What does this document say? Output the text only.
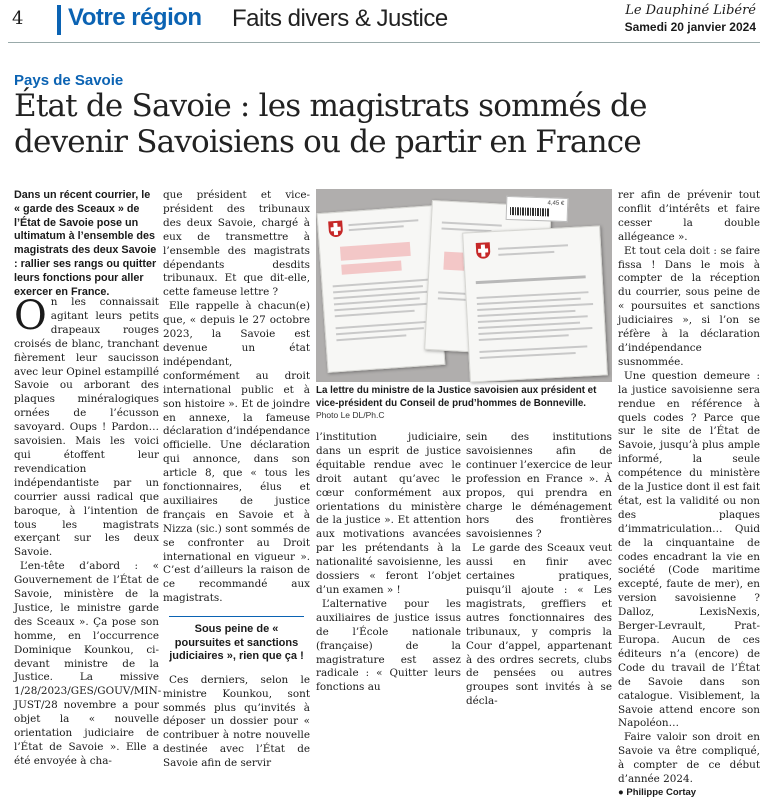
4 Votre région Faits divers & Justice	Le Dauphiné Libéré
Samedi 20 janvier 2024
Pays de Savoie
État de Savoie : les magistrats sommés de devenir Savoisiens ou de partir en France
Dans un récent courrier, le « garde des Sceaux » de l’État de Savoie pose un ultimatum à l’ensemble des magistrats des deux Savoie : rallier ses rangs ou quitter leurs fonctions pour aller exercer en France.
O n les connaissait agitant leurs petits drapeaux rouges croisés de blanc, tranchant fièrement leur saucisson avec leur Opinel estampillé Savoie ou arborant des plaques minéralogiques ornées de l’écusson savoyard. Oups ! Pardon… savoisien. Mais les voici qui étoffent leur revendication indépendantiste par un courrier aussi radical que baroque, à l’intention de tous les magistrats exerçant sur les deux Savoie.

L’en-tête d’abord : « Gouvernement de l’État de Savoie, ministère de la Justice, le ministre garde des Sceaux ». Ça pose son homme, en l’occurrence Dominique Kounkou, ci-devant ministre de la Justice. La missive 1/28/2023/GES/GOUV/MIN-JUST/28 novembre a pour objet la « nouvelle orientation judiciaire de l’État de Savoie ». Elle a été envoyée à cha-

que président et vice-président des tribunaux des deux Savoie, chargé à eux de transmettre à l’ensemble des magistrats dépendants desdits tribunaux. Et que dit-elle, cette fameuse lettre ?

Elle rappelle à chacun(e) que, « depuis le 27 octobre 2023, la Savoie est devenue un état indépendant, conformément au droit international public et à son histoire ». Et de joindre en annexe, la fameuse déclaration d’indépendance officielle. Une déclaration qui annonce, dans son article 8, que « tous les fonctionnaires, élus et auxiliaires de justice français en Savoie et à Nizza (sic.) sont sommés de se confronter au Droit international en vigueur ». C’est d’ailleurs la raison de ce recommandé aux magistrats.

Sous peine de « poursuites et sanctions judiciaires », rien que ça !

Ces derniers, selon le ministre Kounkou, sont sommés plus qu’invités à déposer un dossier pour « contribuer à notre nouvelle destinée avec l’État de Savoie afin de servir

4,45 €
La lettre du ministre de la Justice savoisien aux président et vice-président du Conseil de prud’hommes de Bonneville.
Photo Le DL/Ph.C

l’institution judiciaire, dans un esprit de justice équitable rendue avec le droit autant qu’avec le cœur conformément aux orientations du ministère de la justice ». Et attention aux motivations avancées par les prétendants à la nationalité savoisienne, les dossiers « feront l’objet d’un examen » !

L’alternative pour les auxiliaires de justice issus de l’École nationale (française) de la magistrature est assez radicale : « Quitter leurs fonctions au

sein des institutions savoisiennes afin de continuer l’exercice de leur profession en France ». À propos, qui prendra en charge le déménagement hors des frontières savoisiennes ?

Le garde des Sceaux veut aussi en finir avec certaines pratiques, puisqu’il ajoute : « Les magistrats, greffiers et autres fonctionnaires des tribunaux, y compris la Cour d’appel, appartenant à des ordres secrets, clubs de pensées ou autres groupes sont invités à se décla-

rer afin de prévenir tout conflit d’intérêts et faire cesser la double allégeance ».

Et tout cela doit : se faire fissa ! Dans le mois à compter de la réception du courrier, sous peine de « poursuites et sanctions judiciaires », si l’on se réfère à la déclaration d’indépendance susnommée.

Une question demeure : la justice savoisienne sera rendue en référence à quels codes ? Parce que sur le site de l’État de Savoie, jusqu’à plus ample informé, la seule compétence du ministère de la Justice dont il est fait état, est la validité ou non des plaques d’immatriculation… Quid de la cinquantaine de codes encadrant la vie en société (Code maritime excepté, faute de mer), en version savoisienne ? Dalloz, LexisNexis, Berger-Levrault, Prat-Europa. Aucun de ces éditeurs n’a (encore) de Code du travail de l’État de Savoie dans son catalogue. Visiblement, la Savoie attend encore son Napoléon…

Faire valoir son droit en Savoie va être compliqué, à compter de ce début d’année 2024.

● Philippe Cortay
